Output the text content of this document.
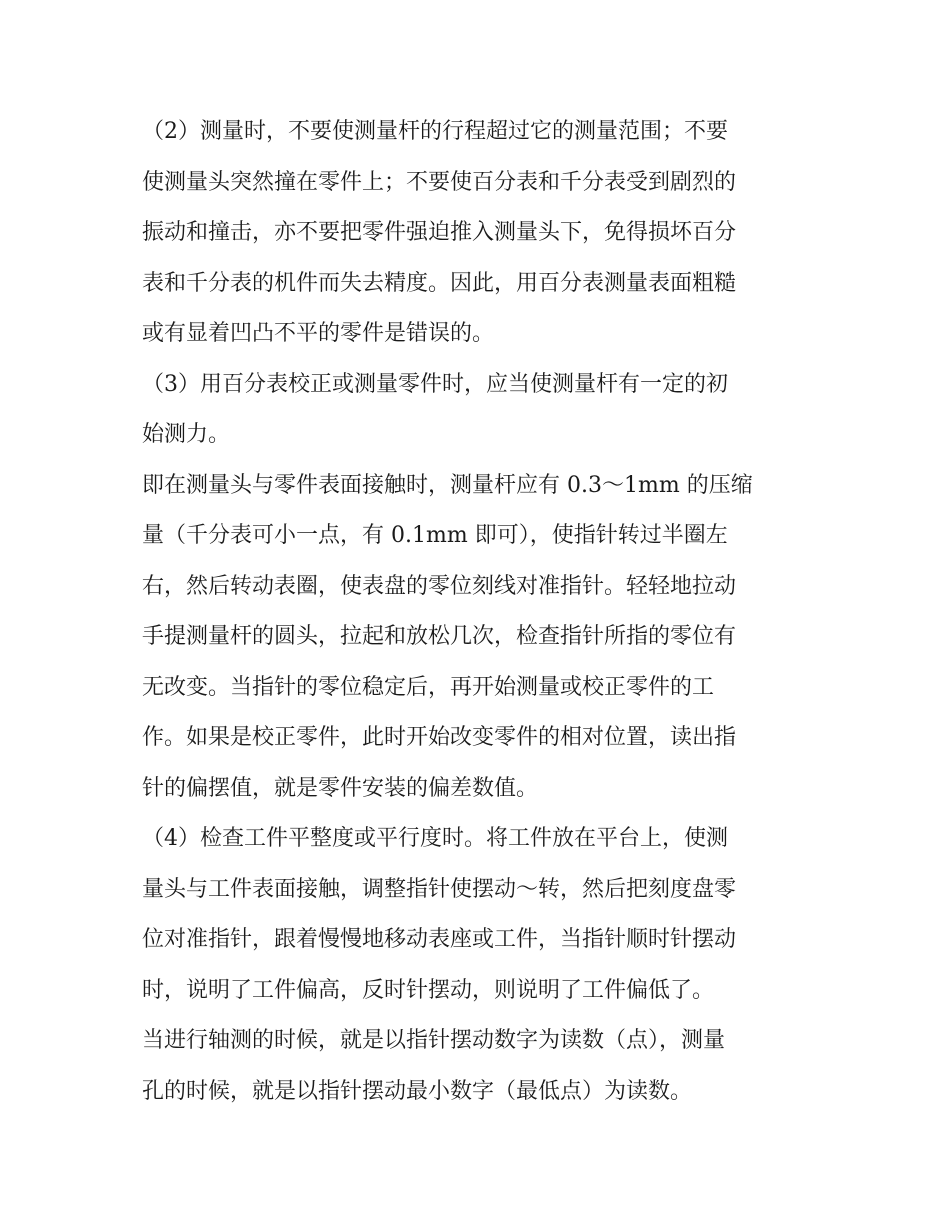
（2）测量时，不要使测量杆的行程超过它的测量范围；不要
使测量头突然撞在零件上；不要使百分表和千分表受到剧烈的
振动和撞击，亦不要把零件强迫推入测量头下，免得损坏百分
表和千分表的机件而失去精度。因此，用百分表测量表面粗糙
或有显着凹凸不平的零件是错误的。
（3）用百分表校正或测量零件时，应当使测量杆有一定的初
始测力。
即在测量头与零件表面接触时，测量杆应有 0.3～1mm 的压缩
量（千分表可小一点，有 0.1mm 即可），使指针转过半圈左
右，然后转动表圈，使表盘的零位刻线对准指针。轻轻地拉动
手提测量杆的圆头，拉起和放松几次，检查指针所指的零位有
无改变。当指针的零位稳定后，再开始测量或校正零件的工
作。如果是校正零件，此时开始改变零件的相对位置，读出指
针的偏摆值，就是零件安装的偏差数值。
（4）检查工件平整度或平行度时。将工件放在平台上，使测
量头与工件表面接触，调整指针使摆动～转，然后把刻度盘零
位对准指针，跟着慢慢地移动表座或工件，当指针顺时针摆动
时，说明了工件偏高，反时针摆动，则说明了工件偏低了。
当进行轴测的时候，就是以指针摆动数字为读数（点），测量
孔的时候，就是以指针摆动最小数字（最低点）为读数。
